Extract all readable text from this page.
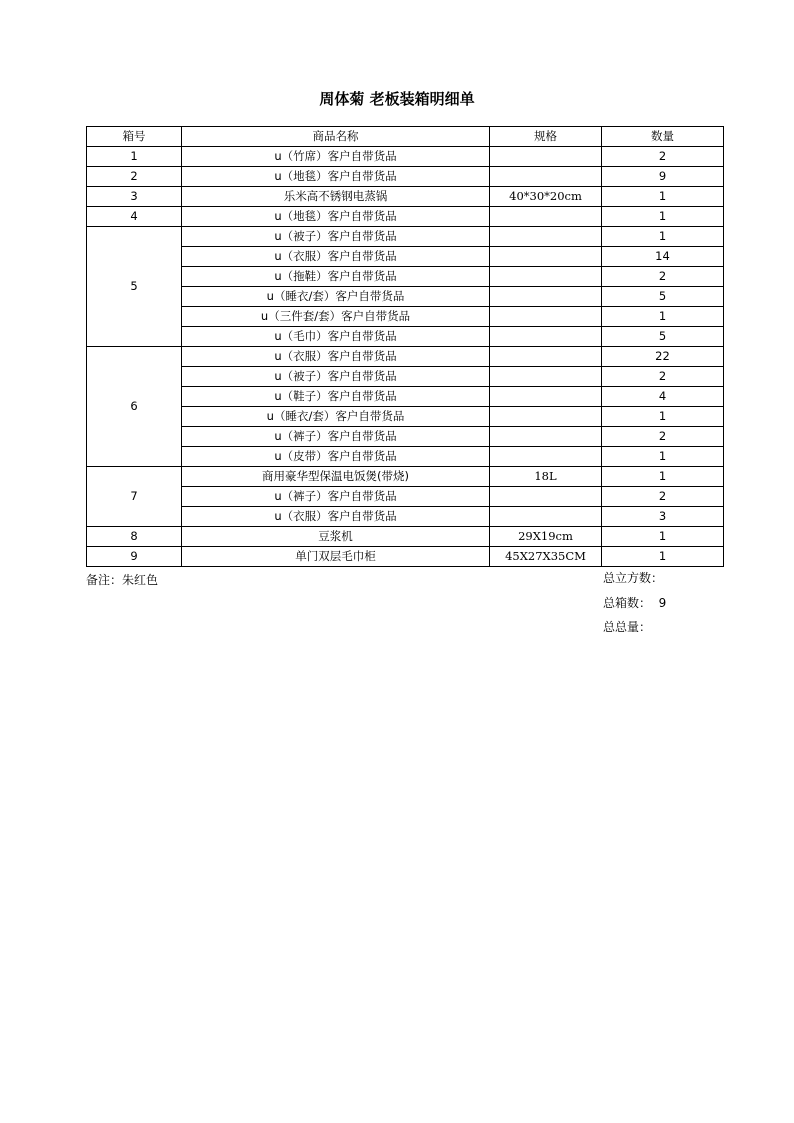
周体菊 老板装箱明细单
箱号	商品名称	规格	数量
1	u（竹席）客户自带货品		2
2	u（地毯）客户自带货品		9
3	乐米高不锈钢电蒸锅	40*30*20cm	1
4	u（地毯）客户自带货品		1
5	u（被子）客户自带货品		1
	u（衣服）客户自带货品		14
	u（拖鞋）客户自带货品		2
	u（睡衣/套）客户自带货品		5
	u（三件套/套）客户自带货品		1
	u（毛巾）客户自带货品		5
6	u（衣服）客户自带货品		22
	u（被子）客户自带货品		2
	u（鞋子）客户自带货品		4
	u（睡衣/套）客户自带货品		1
	u（裤子）客户自带货品		2
	u（皮带）客户自带货品		1
7	商用豪华型保温电饭煲(带烧)	18L	1
	u（裤子）客户自带货品		2
	u（衣服）客户自带货品		3
8	豆浆机	29X19cm	1
9	单门双层毛巾柜	45X27X35CM	1
备注：朱红色	总立方数：
总箱数：  9
总总量：
